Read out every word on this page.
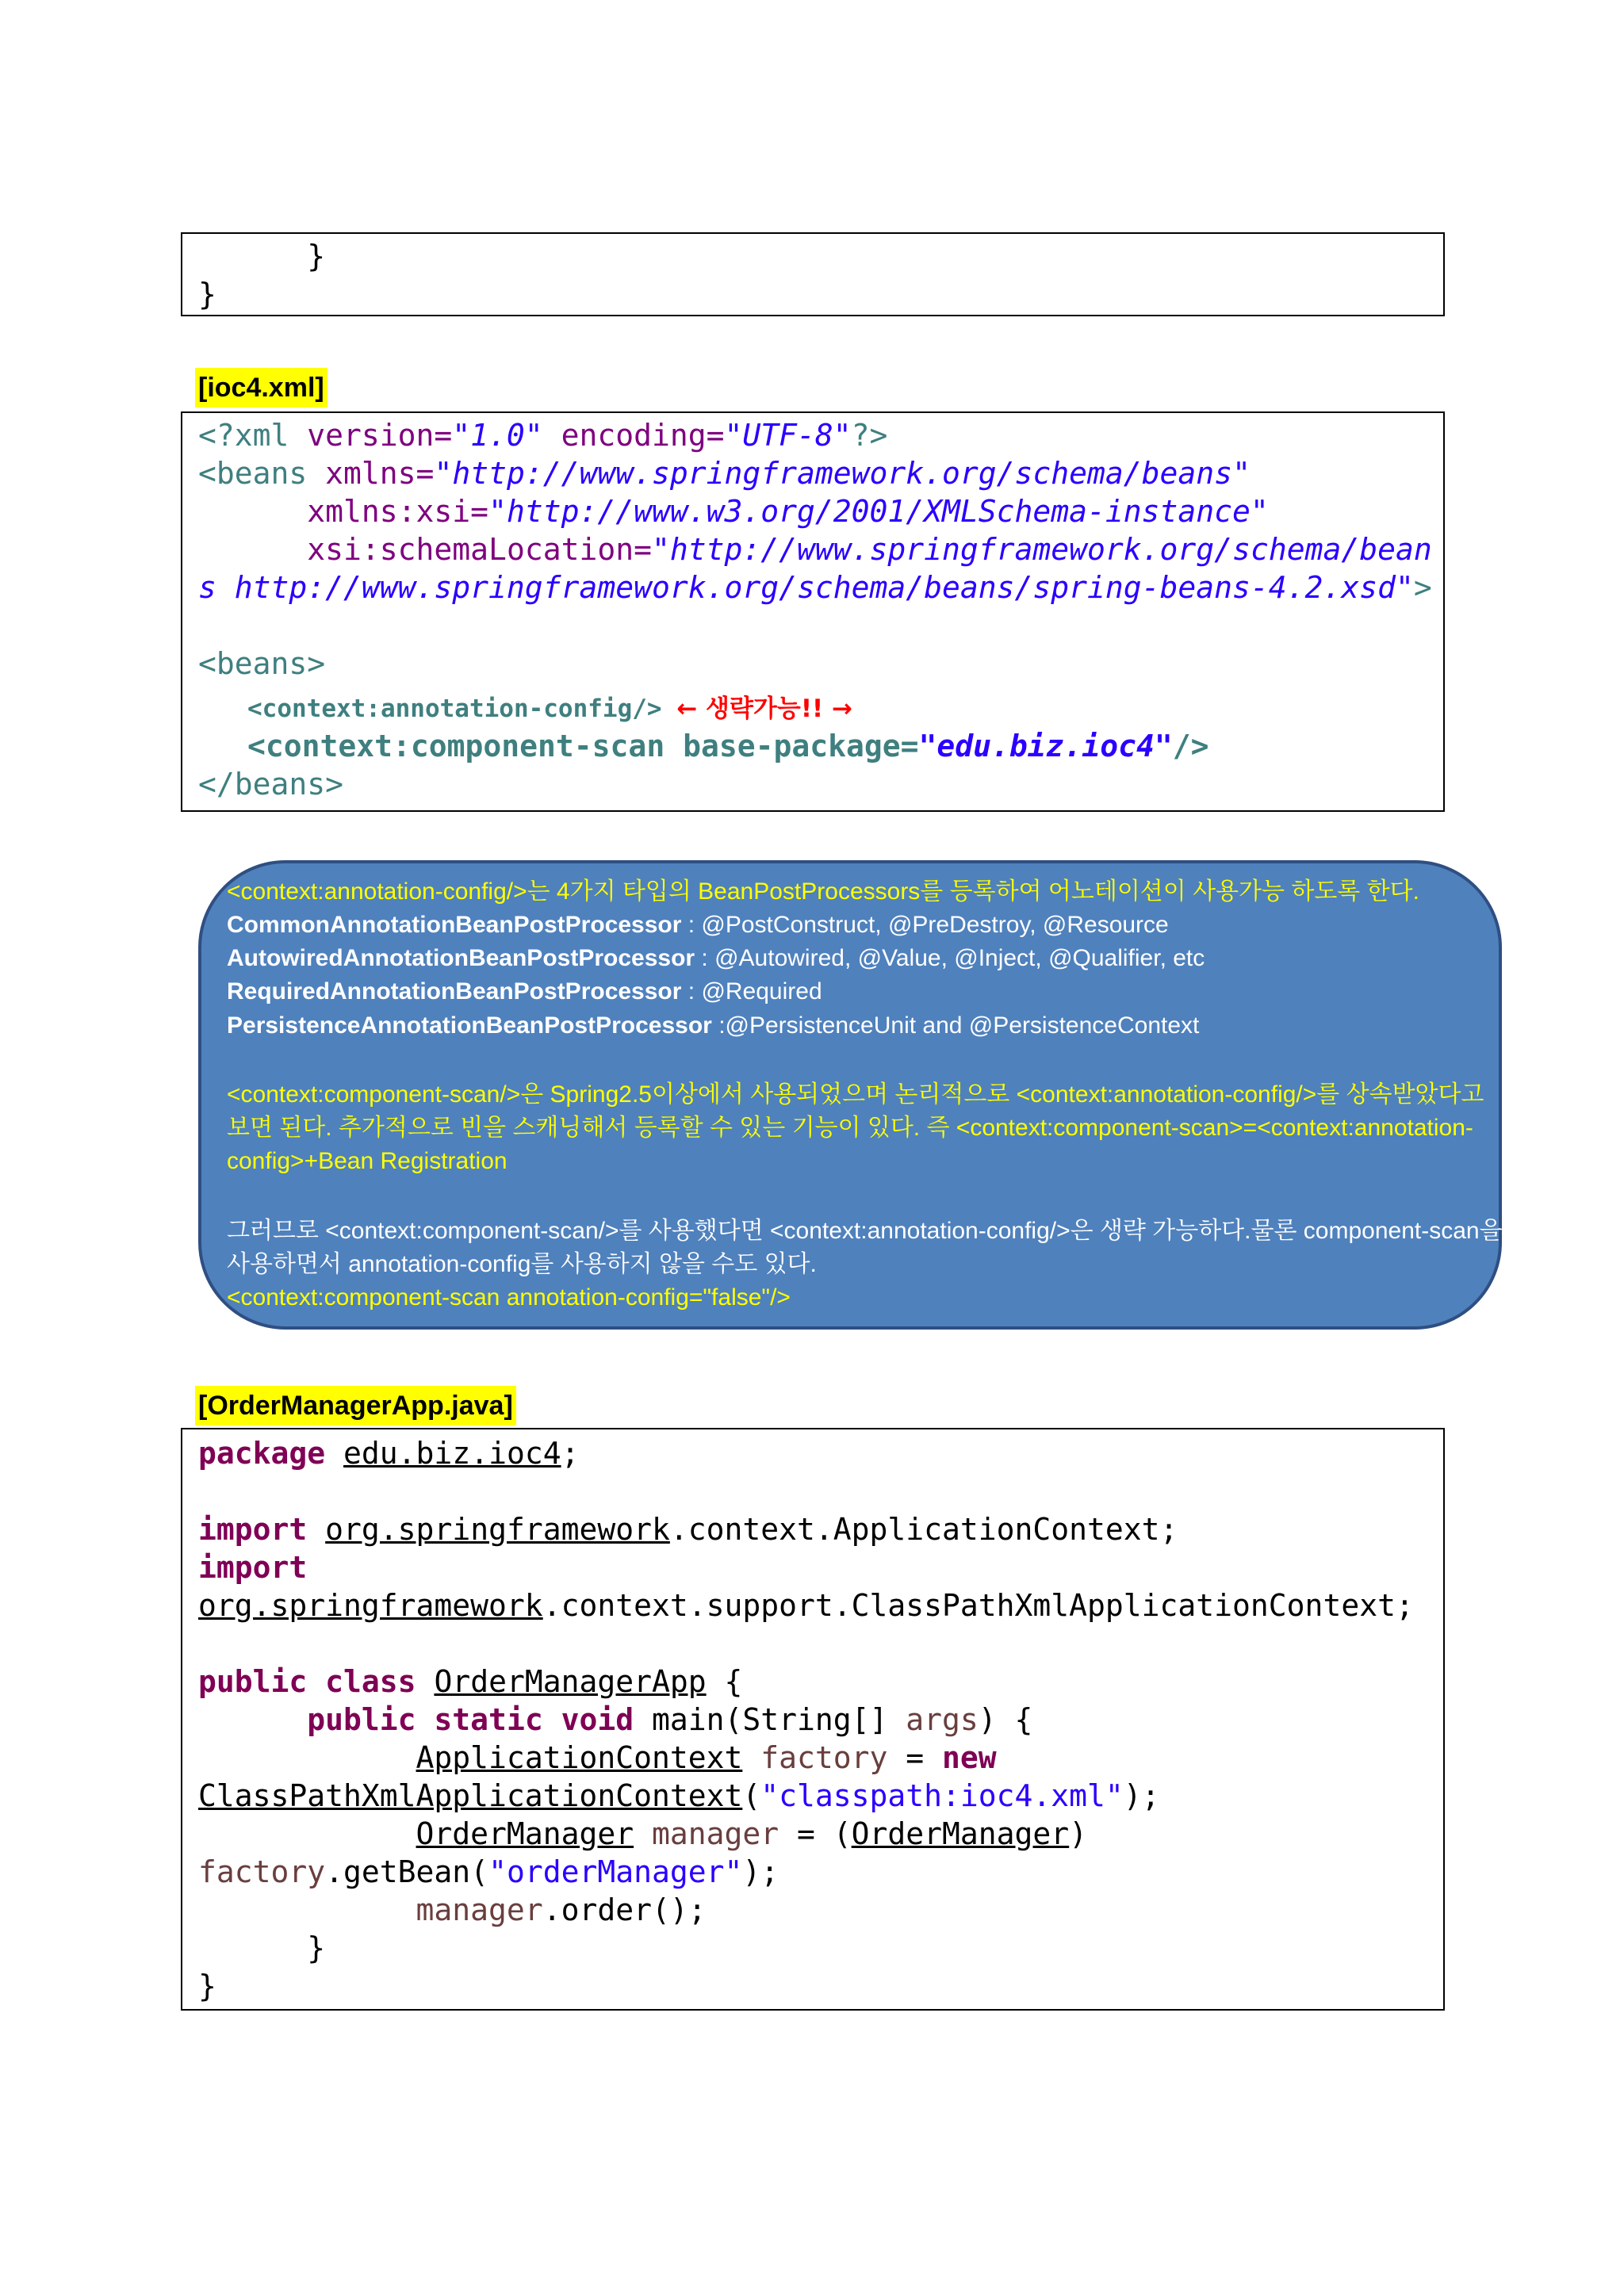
}
}
[ioc4.xml]
<?xml version="1.0" encoding="UTF-8"?>
<beans xmlns="http://www.springframework.org/schema/beans"
xmlns:xsi="http://www.w3.org/2001/XMLSchema-instance"
xsi:schemaLocation="http://www.springframework.org/schema/bean
s http://www.springframework.org/schema/beans/spring-beans-4.2.xsd">
<beans>
<context:annotation-config/> ← 생략가능!! →
<context:component-scan base-package="edu.biz.ioc4"/>
</beans>
<context:annotation-config/>는 4가지 타입의 BeanPostProcessors를 등록하여 어노테이션이 사용가능 하도록 한다.
CommonAnnotationBeanPostProcessor : @PostConstruct, @PreDestroy, @Resource
AutowiredAnnotationBeanPostProcessor : @Autowired, @Value, @Inject, @Qualifier, etc
RequiredAnnotationBeanPostProcessor : @Required
PersistenceAnnotationBeanPostProcessor :@PersistenceUnit and @PersistenceContext
<context:component-scan/>은 Spring2.5이상에서 사용되었으며 논리적으로 <context:annotation-config/>를 상속받았다고
보면 된다. 추가적으로 빈을 스캐닝해서 등록할 수 있는 기능이 있다. 즉 <context:component-scan>=<context:annotation-
config>+Bean Registration
그러므로 <context:component-scan/>를 사용했다면 <context:annotation-config/>은 생략 가능하다.물론 component-scan을
사용하면서 annotation-config를 사용하지 않을 수도 있다.
<context:component-scan annotation-config="false"/>
[OrderManagerApp.java]
package edu.biz.ioc4;
import org.springframework.context.ApplicationContext;
import
org.springframework.context.support.ClassPathXmlApplicationContext;
public class OrderManagerApp {
public static void main(String[] args) {
ApplicationContext factory = new
ClassPathXmlApplicationContext("classpath:ioc4.xml");
OrderManager manager = (OrderManager)
factory.getBean("orderManager");
manager.order();
}
}
